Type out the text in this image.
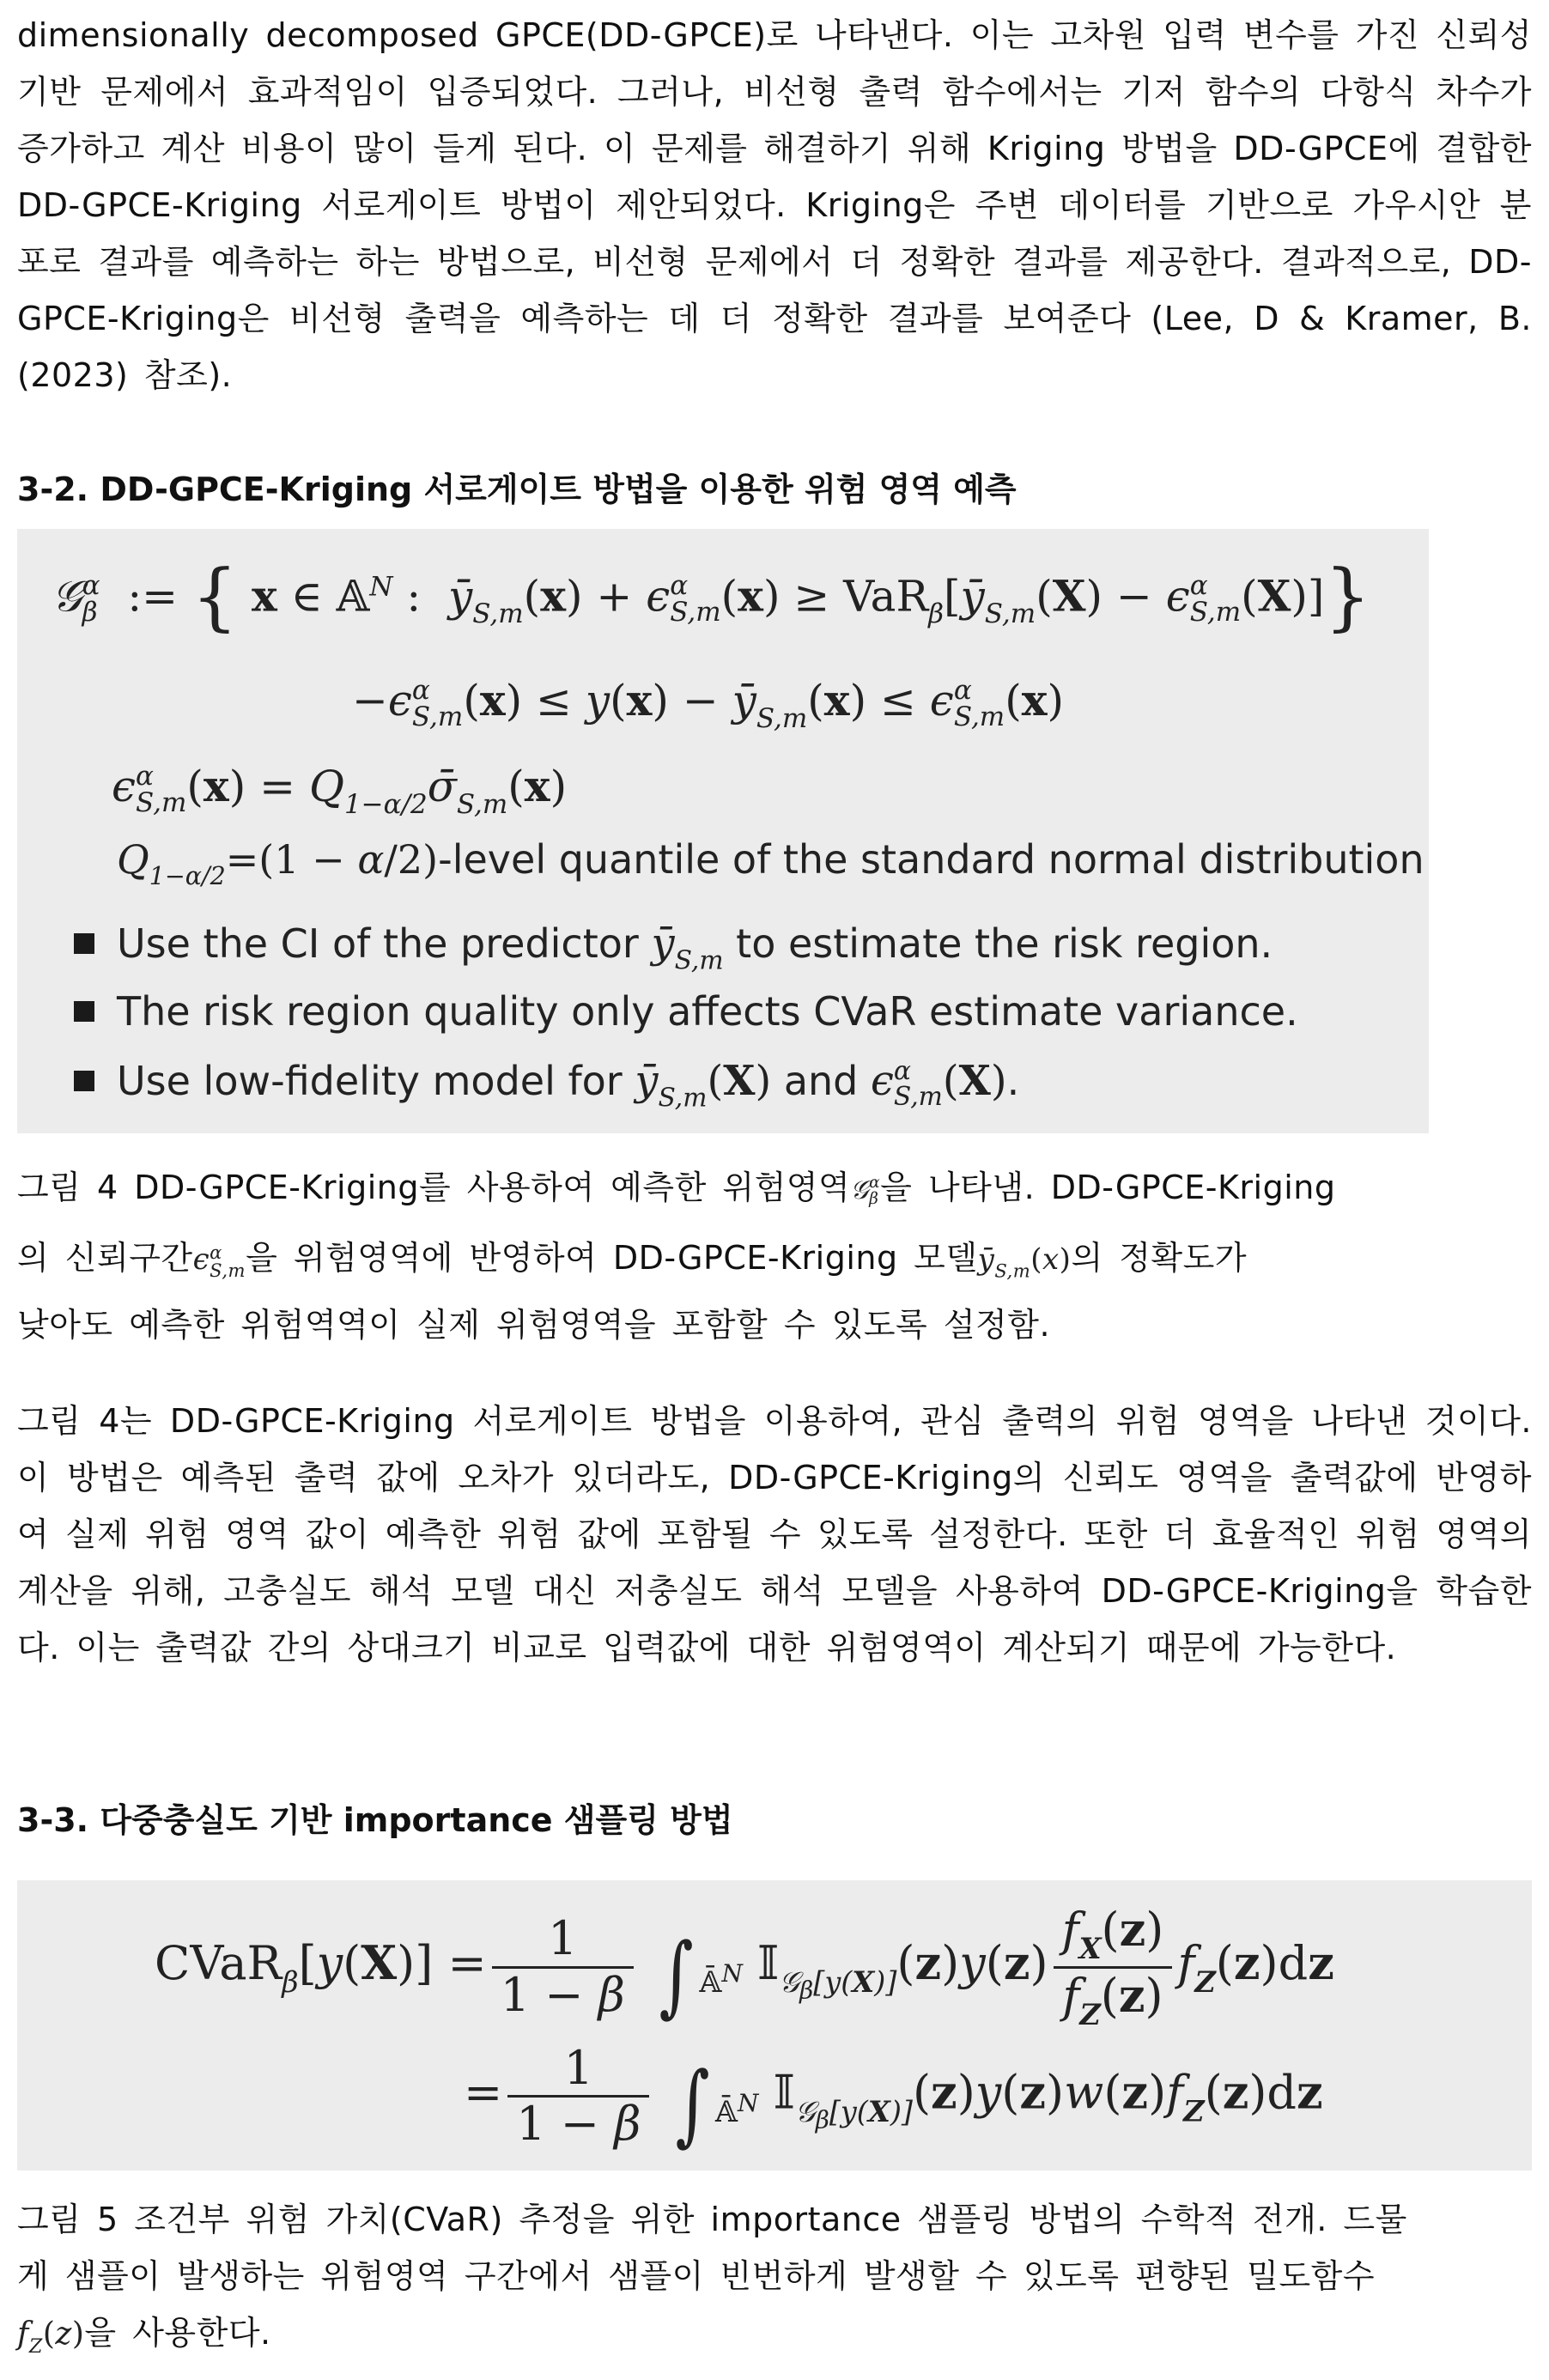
dimensionally decomposed GPCE(DD-GPCE)로 나타낸다. 이는 고차원 입력 변수를 가진 신뢰성 기반 문제에서 효과적임이 입증되었다. 그러나, 비선형 출력 함수에서는 기저 함수의 다항식 차수가 증가하고 계산 비용이 많이 들게 된다. 이 문제를 해결하기 위해 Kriging 방법을 DD-GPCE에 결합한 DD-GPCE-Kriging 서로게이트 방법이 제안되었다. Kriging은 주변 데이터를 기반으로 가우시안 분포로 결과를 예측하는 하는 방법으로, 비선형 문제에서 더 정확한 결과를 제공한다. 결과적으로, DD-GPCE-Kriging은 비선형 출력을 예측하는 데 더 정확한 결과를 보여준다 (Lee, D & Kramer, B. (2023) 참조).

3-2. DD-GPCE-Kriging 서로게이트 방법을 이용한 위험 영역 예측

𝒢 α
β := { x ∈ 𝔸$^N$ :  $ȳ_{S,m}(x) + \epsilon$ α
S,m $(x) \ge VaR_\beta[ȳ_{S,m}(X) - \epsilon$ α
S,m (X)]}
−ϵ α
S,m $(x) \le y(x) - ȳ_{S,m}(x) \le \epsilon$ α
S,m (x)
ϵ α
S,m $(x) = Q_{1-\alpha/2}\sigmā_{S,m}(x)$
$Q_{1-\alpha/2}=(1$ − α/2)-level quantile of the standard normal distribution
Use the CI of the predictor $ȳ_{S,m}$ to estimate the risk region.
The risk region quality only affects CVaR estimate variance.
Use low-fidelity model for $ȳ_{S,m}(X)$ and ϵ α
S,m (X).
그림 4 DD-GPCE-Kriging를 사용하여 예측한 위험영역𝒢 α
β 을 나타냄. DD-GPCE-Kriging
의 신뢰구간ϵ α
S,m 을 위험영역에 반영하여 DD-GPCE-Kriging 모델$ȳ_{S,m}(x)$의 정확도가
낮아도 예측한 위험역역이 실제 위험영역을 포함할 수 있도록 설정함.

그림 4는 DD-GPCE-Kriging 서로게이트 방법을 이용하여, 관심 출력의 위험 영역을 나타낸 것이다. 이 방법은 예측된 출력 값에 오차가 있더라도, DD-GPCE-Kriging의 신뢰도 영역을 출력값에 반영하여 실제 위험 영역 값이 예측한 위험 값에 포함될 수 있도록 설정한다. 또한 더 효율적인 위험 영역의 계산을 위해, 고충실도 해석 모델 대신 저충실도 해석 모델을 사용하여 DD-GPCE-Kriging을 학습한다. 이는 출력값 간의 상대크기 비교로 입력값에 대한 위험영역이 계산되기 때문에 가능한다.

3-3. 다중충실도 기반 importance 샘플링 방법

CVaR$_\beta$[y(X)] = $\frac{1}{1 - \beta}$ ∫ $_{𝔸̄^N}$ 𝕀$_{𝒢_\beta[y(X)]}$(z)y(z) $\frac{f_X(z)}{f_Z(z)} f_Z(z)dz$
= $\frac{1}{1 - \beta}$ ∫ $_{𝔸̄^N}$ $𝕀_{𝒢_\beta[y(X)]}(z)y(z)w(z)f_Z(z)dz$
그림 5 조건부 위험 가치(CVaR) 추정을 위한 importance 샘플링 방법의 수학적 전개. 드물
게 샘플이 발생하는 위험영역 구간에서 샘플이 빈번하게 발생할 수 있도록 편향된 밀도함수
$f_Z(z)$을 사용한다.
